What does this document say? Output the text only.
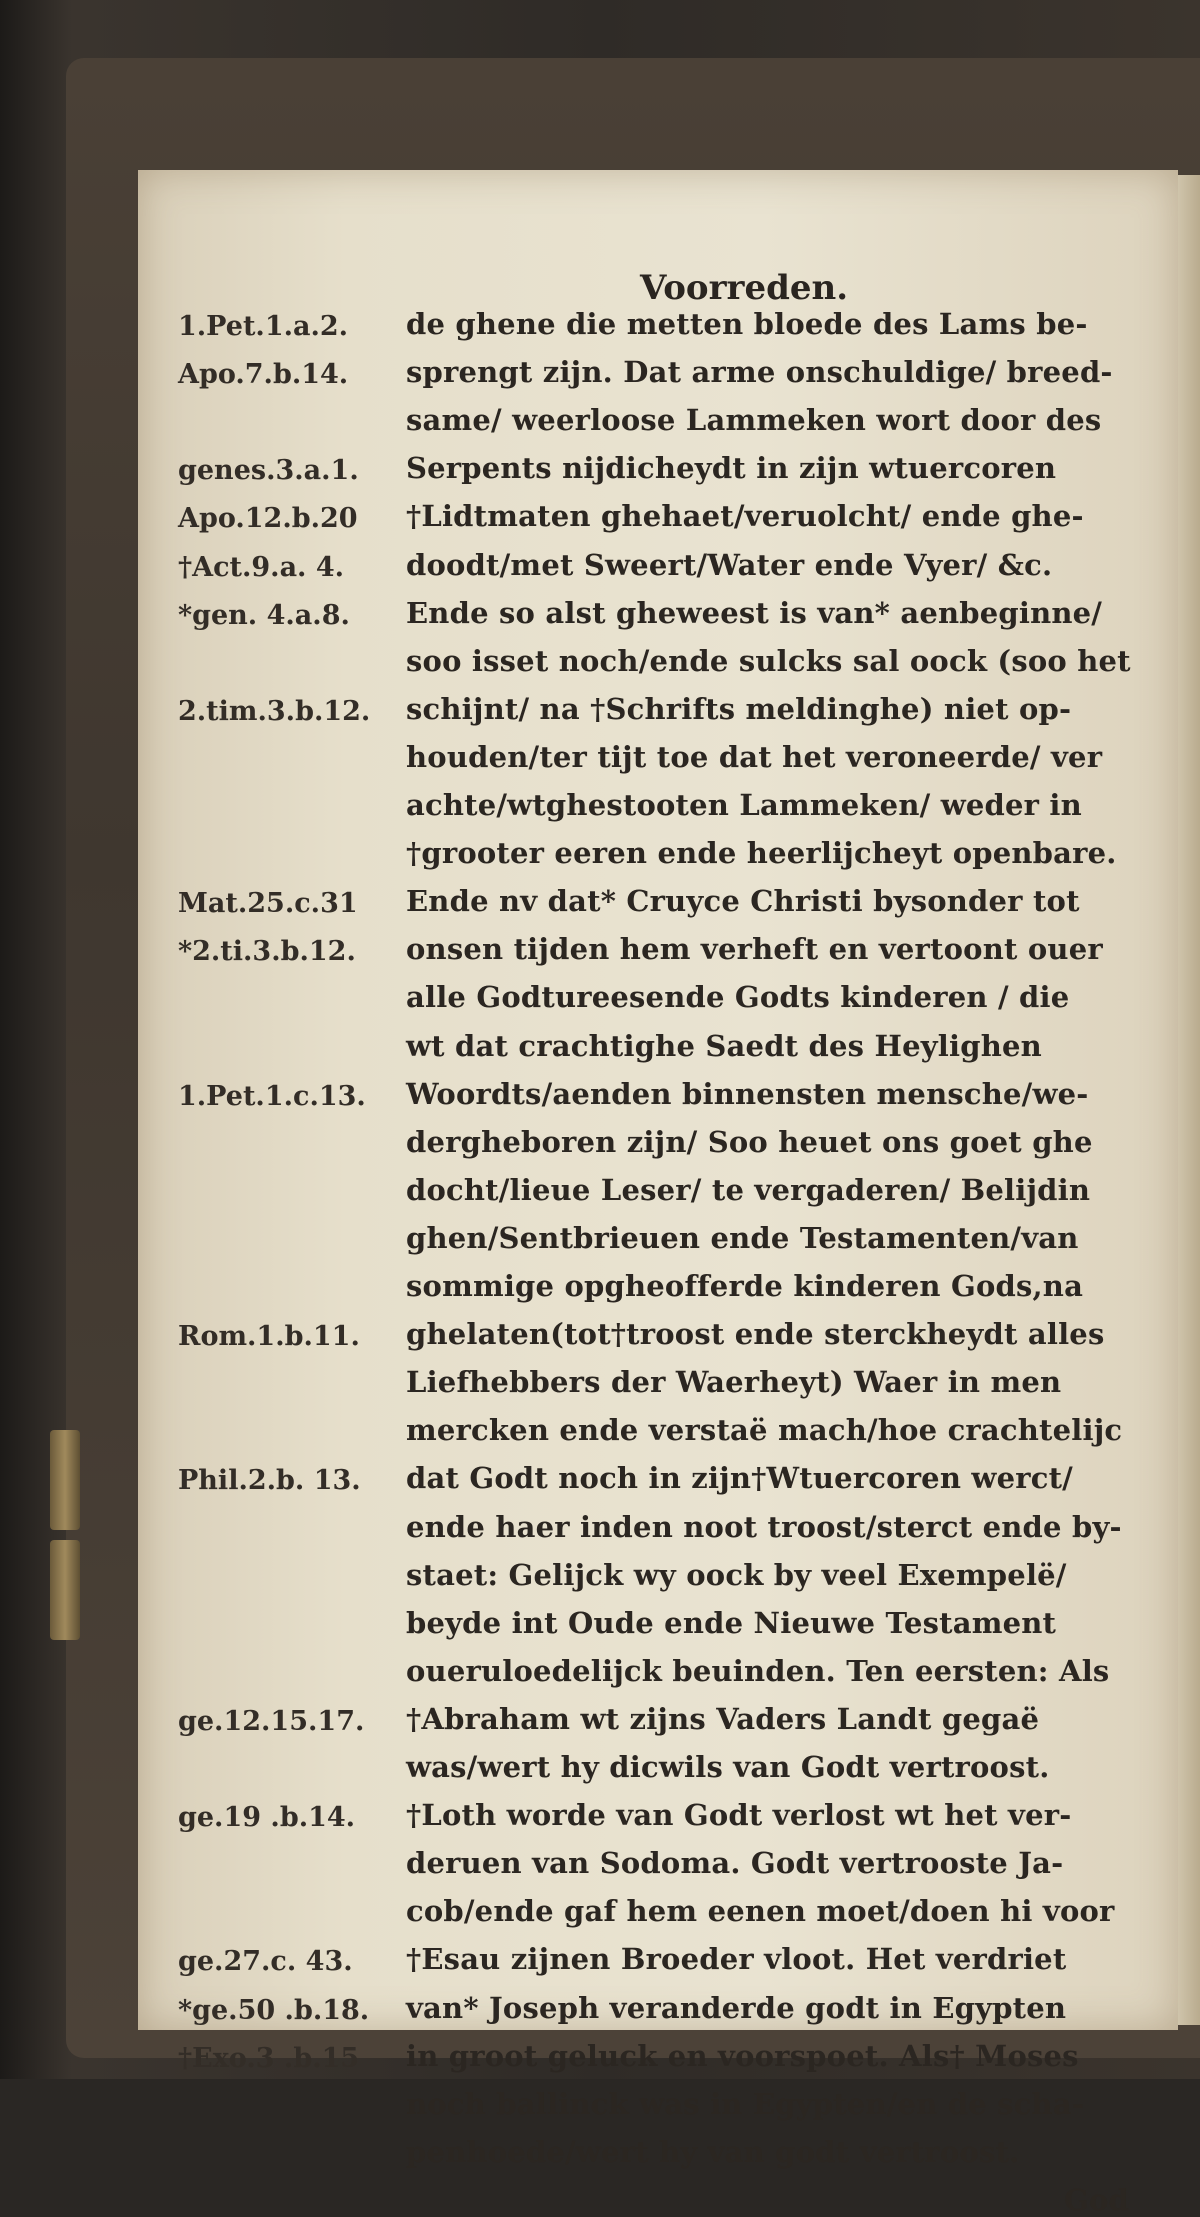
Voorreden.
de ghene die metten bloede des Lams be-
sprengt zijn. Dat arme onschuldige/ breed-
same/ weerloose Lammeken wort door des
Serpents nijdicheydt in zijn wtuercoren
†Lidtmaten ghehaet/veruolcht/ ende ghe-
doodt/met Sweert/Water ende Vyer/ &c.
Ende so alst gheweest is van* aenbeginne/
soo isset noch/ende sulcks sal oock (soo het
schijnt/ na †Schrifts meldinghe) niet op-
houden/ter tijt toe dat het veroneerde/ ver
achte/wtghestooten Lammeken/ weder in
†grooter eeren ende heerlijcheyt openbare.
Ende nv dat* Cruyce Christi bysonder tot
onsen tijden hem verheft en vertoont ouer
alle Godtureesende Godts kinderen / die
wt dat crachtighe Saedt des Heylighen
Woordts/aenden binnensten mensche/we-
dergheboren zijn/ Soo heuet ons goet ghe
docht/lieue Leser/ te vergaderen/ Belijdin
ghen/Sentbrieuen ende Testamenten/van
sommige opgheofferde kinderen Gods,na
ghelaten(tot†troost ende sterckheydt alles
Liefhebbers der Waerheyt) Waer in men
mercken ende verstaë mach/hoe crachtelijc
dat Godt noch in zijn†Wtuercoren werct/
ende haer inden noot troost/sterct ende by-
staet: Gelijck wy oock by veel Exempelë/
beyde int Oude ende Nieuwe Testament
oueruloedelijck beuinden. Ten eersten: Als
†Abraham wt zijns Vaders Landt gegaë
was/wert hy dicwils van Godt vertroost.
†Loth worde van Godt verlost wt het ver-
deruen van Sodoma. Godt vertrooste Ja-
cob/ende gaf hem eenen moet/doen hi voor
†Esau zijnen Broeder vloot. Het verdriet
van* Joseph veranderde godt in Egypten
in groot geluck en voorspoet. Als† Moses
noch ballinck was in Egypten/en de scha-
penhoede/wert hy van godt vertroost.
1.Pet.1.a.2.
Apo.7.b.14.
genes.3.a.1.
Apo.12.b.20
†Act.9.a. 4.
*gen. 4.a.8.
2.tim.3.b.12.
Mat.25.c.31
*2.ti.3.b.12.
1.Pet.1.c.13.
Rom.1.b.11.
Phil.2.b. 13.
ge.12.15.17.
ge.19 .b.14.
ge.27.c. 43.
*ge.50 .b.18.
†Exo.3 .b.15
God
